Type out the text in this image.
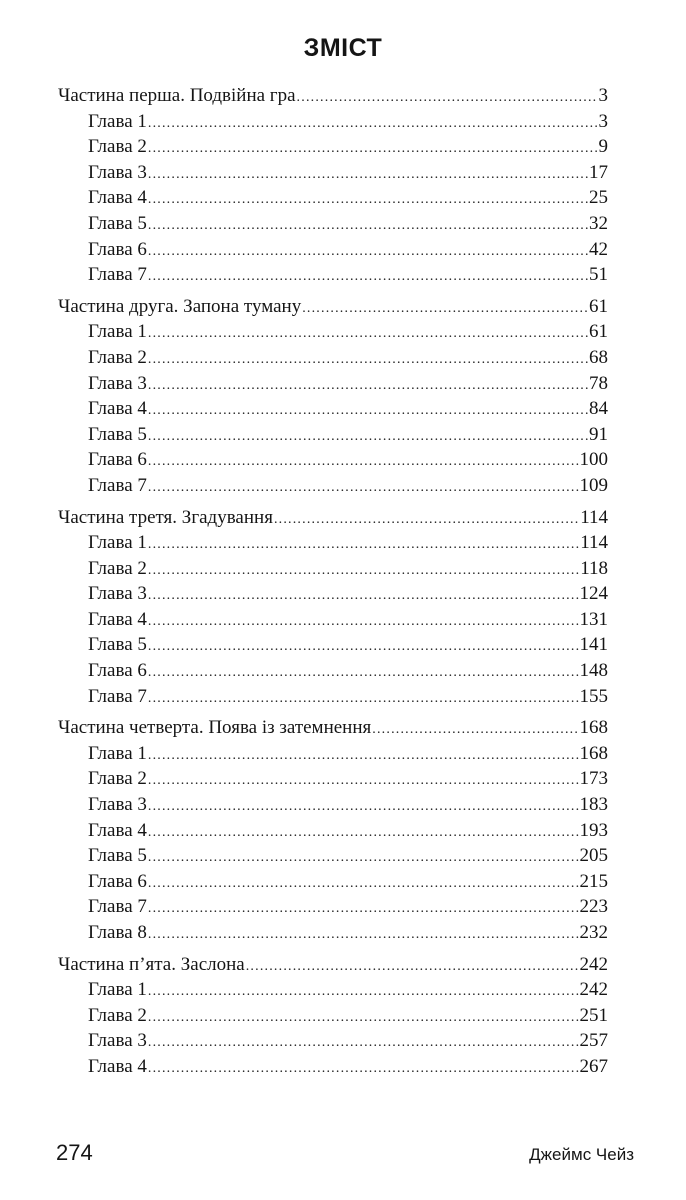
ЗМІСТ
Частина перша. Подвійна гра .....	3
Глава 1 .....	3
Глава 2 .....	9
Глава 3 .....	17
Глава 4 .....	25
Глава 5 .....	32
Глава 6 .....	42
Глава 7 .....	51
Частина друга. Запона туману .....	61
Глава 1 .....	61
Глава 2 .....	68
Глава 3 .....	78
Глава 4 .....	84
Глава 5 .....	91
Глава 6 .....	100
Глава 7 .....	109
Частина третя. Згадування .....	114
Глава 1 .....	114
Глава 2 .....	118
Глава 3 .....	124
Глава 4 .....	131
Глава 5 .....	141
Глава 6 .....	148
Глава 7 .....	155
Частина четверта. Поява із затемнення .....	168
Глава 1 .....	168
Глава 2 .....	173
Глава 3 .....	183
Глава 4 .....	193
Глава 5 .....	205
Глава 6 .....	215
Глава 7 .....	223
Глава 8 .....	232
Частина п’ята. Заслона .....	242
Глава 1 .....	242
Глава 2 .....	251
Глава 3 .....	257
Глава 4 .....	267
274	Джеймс Чейз
